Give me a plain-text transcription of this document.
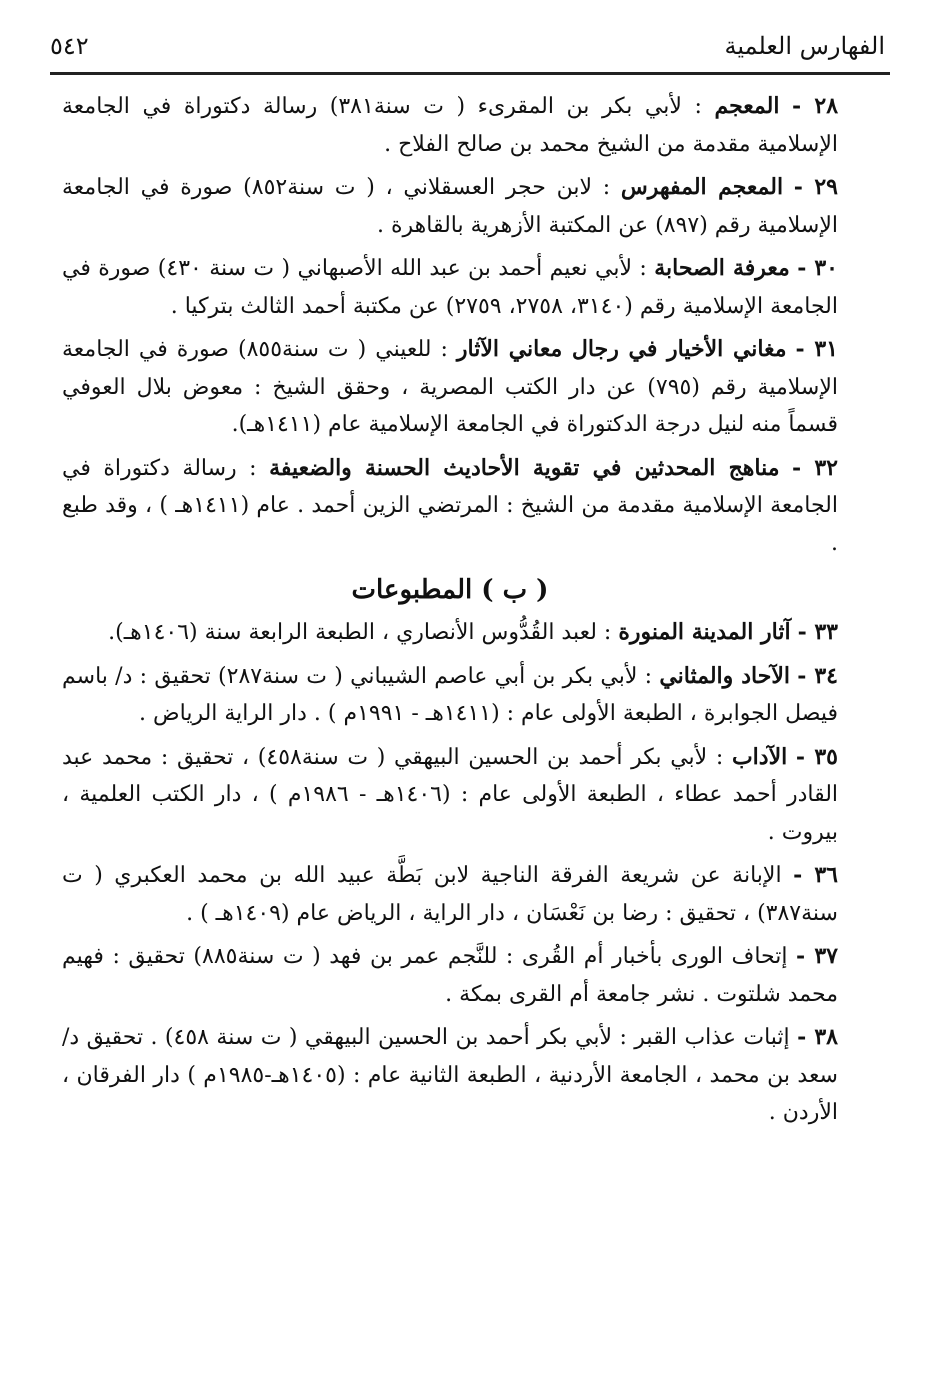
٥٤٢	الفهارس العلمية

٢٨ - المعجم : لأبي بكر بن المقرىء ( ت سنة٣٨١) رسالة دكتوراة في الجامعة الإسلامية مقدمة من الشيخ محمد بن صالح الفلاح .

٢٩ - المعجم المفهرس : لابن حجر العسقلاني ، ( ت سنة٨٥٢) صورة في الجامعة الإسلامية رقم (٨٩٧) عن المكتبة الأزهرية بالقاهرة .

٣٠ - معرفة الصحابة : لأبي نعيم أحمد بن عبد الله الأصبهاني ( ت سنة ٤٣٠) صورة في الجامعة الإسلامية رقم (٣١٤٠، ٢٧٥٨، ٢٧٥٩) عن مكتبة أحمد الثالث بتركيا .

٣١ - مغاني الأخيار في رجال معاني الآثار : للعيني ( ت سنة٨٥٥) صورة في الجامعة الإسلامية رقم (٧٩٥) عن دار الكتب المصرية ، وحقق الشيخ : معوض بلال العوفي قسماً منه لنيل درجة الدكتوراة في الجامعة الإسلامية عام (١٤١١هـ).

٣٢ - مناهج المحدثين في تقوية الأحاديث الحسنة والضعيفة : رسالة دكتوراة في الجامعة الإسلامية مقدمة من الشيخ : المرتضي الزين أحمد . عام (١٤١١هـ ) ، وقد طبع .

( ب ) المطبوعات

٣٣ - آثار المدينة المنورة : لعبد القُدُّوس الأنصاري ، الطبعة الرابعة سنة (١٤٠٦هـ).

٣٤ - الآحاد والمثاني : لأبي بكر بن أبي عاصم الشيباني ( ت سنة٢٨٧) تحقيق : د/ باسم فيصل الجوابرة ، الطبعة الأولى عام : (١٤١١هـ - ١٩٩١م ) . دار الراية الرياض .

٣٥ - الآداب : لأبي بكر أحمد بن الحسين البيهقي ( ت سنة٤٥٨) ، تحقيق : محمد عبد القادر أحمد عطاء ، الطبعة الأولى عام : (١٤٠٦هـ - ١٩٨٦م ) ، دار الكتب العلمية ، بيروت .

٣٦ - الإبانة عن شريعة الفرقة الناجية لابن بَطَّة عبيد الله بن محمد العكبري ( ت سنة٣٨٧) ، تحقيق : رضا بن نَعْسَان ، دار الراية ، الرياض عام (١٤٠٩هـ ) .

٣٧ - إتحاف الورى بأخبار أم القُرى : للنَّجم عمر بن فهد ( ت سنة٨٨٥) تحقيق : فهيم محمد شلتوت . نشر جامعة أم القرى بمكة .

٣٨ - إثبات عذاب القبر : لأبي بكر أحمد بن الحسين البيهقي ( ت سنة ٤٥٨) . تحقيق د/ سعد بن محمد ، الجامعة الأردنية ، الطبعة الثانية عام : (١٤٠٥هـ-١٩٨٥م ) دار الفرقان ، الأردن .
